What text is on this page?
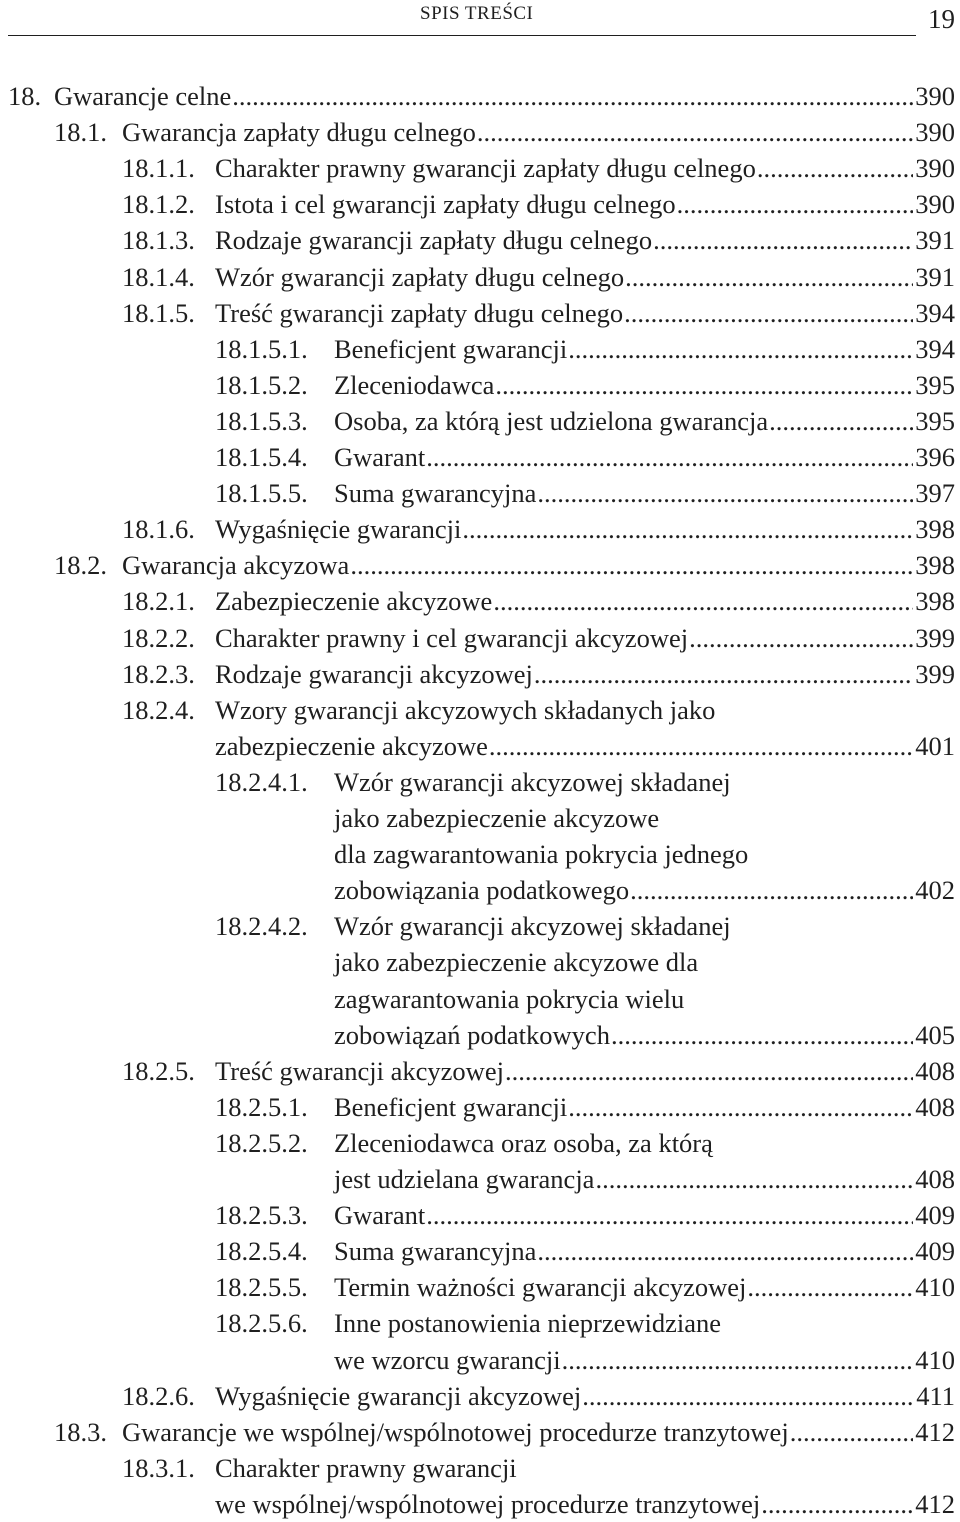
SPIS TREŚCI	19
18. Gwarancje celne .....	390
18.1. Gwarancja zapłaty długu celnego .....	390
18.1.1. Charakter prawny gwarancji zapłaty długu celnego .....	390
18.1.2. Istota i cel gwarancji zapłaty długu celnego .....	390
18.1.3. Rodzaje gwarancji zapłaty długu celnego .....	391
18.1.4. Wzór gwarancji zapłaty długu celnego .....	391
18.1.5. Treść gwarancji zapłaty długu celnego .....	394
18.1.5.1. Beneficjent gwarancji .....	394
18.1.5.2. Zleceniodawca .....	395
18.1.5.3. Osoba, za którą jest udzielona gwarancja .....	395
18.1.5.4. Gwarant .....	396
18.1.5.5. Suma gwarancyjna .....	397
18.1.6. Wygaśnięcie gwarancji .....	398
18.2. Gwarancja akcyzowa .....	398
18.2.1. Zabezpieczenie akcyzowe .....	398
18.2.2. Charakter prawny i cel gwarancji akcyzowej .....	399
18.2.3. Rodzaje gwarancji akcyzowej .....	399
18.2.4. Wzory gwarancji akcyzowych składanych jako
zabezpieczenie akcyzowe .....	401
18.2.4.1. Wzór gwarancji akcyzowej składanej
jako zabezpieczenie akcyzowe
dla zagwarantowania pokrycia jednego
zobowiązania podatkowego .....	402
18.2.4.2. Wzór gwarancji akcyzowej składanej
jako zabezpieczenie akcyzowe dla
zagwarantowania pokrycia wielu
zobowiązań podatkowych .....	405
18.2.5. Treść gwarancji akcyzowej .....	408
18.2.5.1. Beneficjent gwarancji .....	408
18.2.5.2. Zleceniodawca oraz osoba, za którą
jest udzielana gwarancja .....	408
18.2.5.3. Gwarant .....	409
18.2.5.4. Suma gwarancyjna .....	409
18.2.5.5. Termin ważności gwarancji akcyzowej .....	410
18.2.5.6. Inne postanowienia nieprzewidziane
we wzorcu gwarancji .....	410
18.2.6. Wygaśnięcie gwarancji akcyzowej .....	411
18.3. Gwarancje we wspólnej/wspólnotowej procedurze tranzytowej .....	412
18.3.1. Charakter prawny gwarancji
we wspólnej/wspólnotowej procedurze tranzytowej .....	412
